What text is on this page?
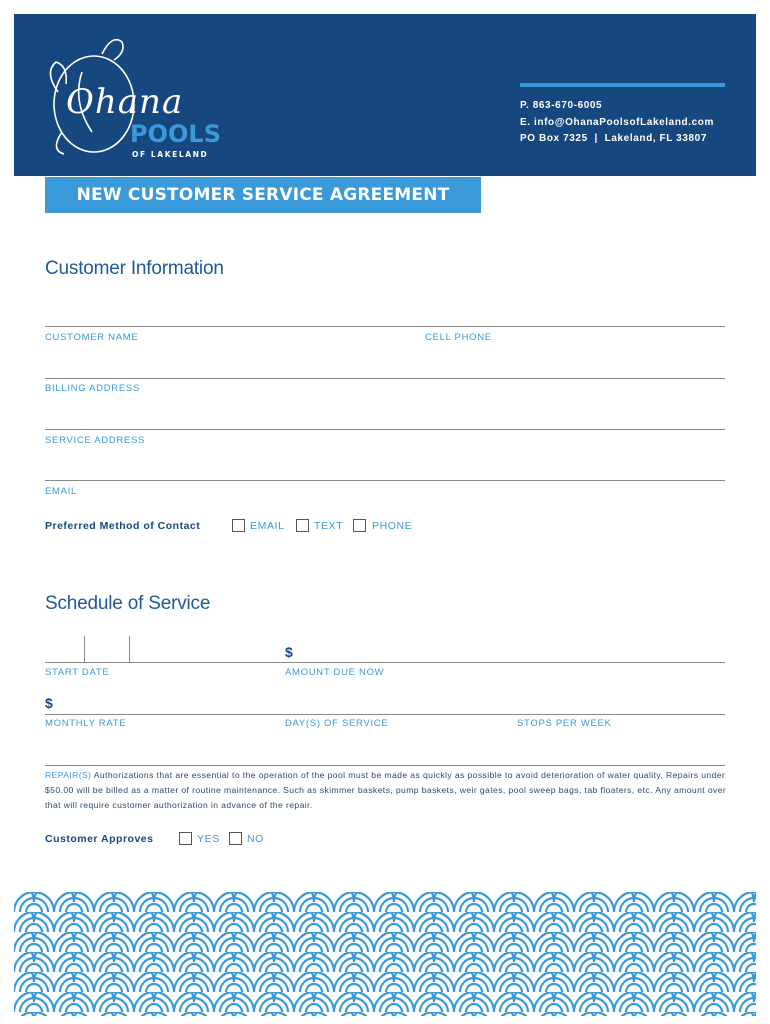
Ohana
POOLS
OF LAKELAND
P. 863-670-6005
E. info@OhanaPoolsofLakeland.com
PO Box 7325  |  Lakeland, FL 33807
NEW CUSTOMER SERVICE AGREEMENT
Customer Information
CUSTOMER NAME	CELL PHONE
BILLING ADDRESS
SERVICE ADDRESS
EMAIL
Preferred Method of Contact	EMAIL	TEXT	PHONE
Schedule of Service
$
START DATE	AMOUNT DUE NOW
$
MONTHLY RATE	DAY(S) OF SERVICE	STOPS PER WEEK
REPAIR(S) Authorizations that are essential to the operation of the pool must be made as quickly as possible to avoid deterioration of water quality. Repairs under $50.00 will be billed as a matter of routine maintenance. Such as skimmer baskets, pump baskets, weir gates, pool sweep bags, tab floaters, etc. Any amount over that will require customer authorization in advance of the repair.
Customer Approves	YES	NO
